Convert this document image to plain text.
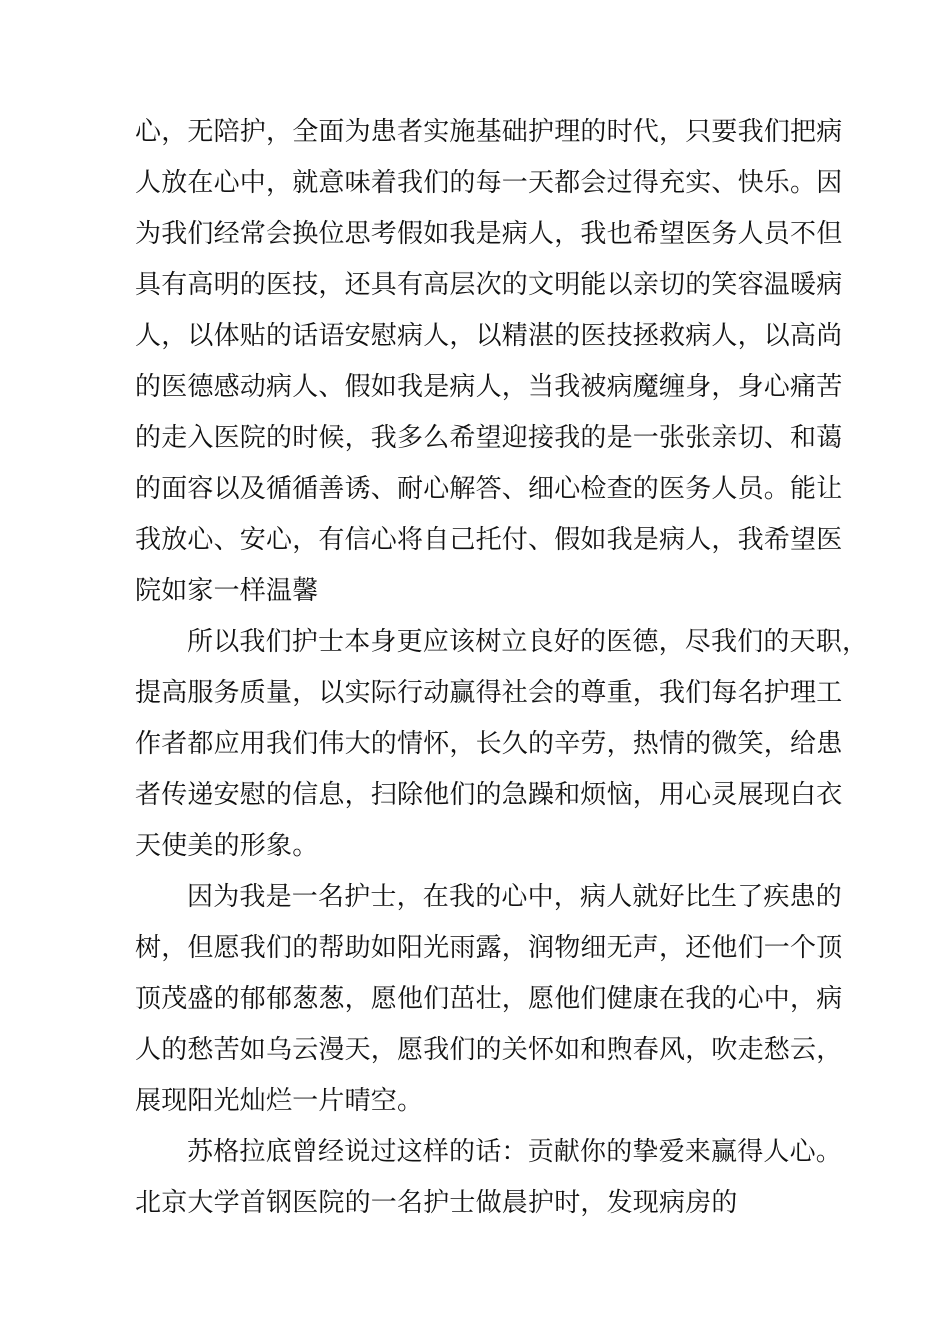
心，无陪护，全面为患者实施基础护理的时代，只要我们把病
人放在心中，就意味着我们的每一天都会过得充实、快乐。因
为我们经常会换位思考假如我是病人，我也希望医务人员不但
具有高明的医技，还具有高层次的文明能以亲切的笑容温暖病
人，以体贴的话语安慰病人，以精湛的医技拯救病人，以高尚
的医德感动病人、假如我是病人，当我被病魔缠身，身心痛苦
的走入医院的时候，我多么希望迎接我的是一张张亲切、和蔼
的面容以及循循善诱、耐心解答、细心检查的医务人员。能让
我放心、安心，有信心将自己托付、假如我是病人，我希望医
院如家一样温馨
所以我们护士本身更应该树立良好的医德，尽我们的天职，
提高服务质量，以实际行动赢得社会的尊重，我们每名护理工
作者都应用我们伟大的情怀，长久的辛劳，热情的微笑，给患
者传递安慰的信息，扫除他们的急躁和烦恼，用心灵展现白衣
天使美的形象。
因为我是一名护士，在我的心中，病人就好比生了疾患的
树，但愿我们的帮助如阳光雨露，润物细无声，还他们一个顶
顶茂盛的郁郁葱葱，愿他们茁壮，愿他们健康在我的心中，病
人的愁苦如乌云漫天，愿我们的关怀如和煦春风，吹走愁云，
展现阳光灿烂一片晴空。
苏格拉底曾经说过这样的话：贡献你的挚爱来赢得人心。
北京大学首钢医院的一名护士做晨护时，发现病房的
